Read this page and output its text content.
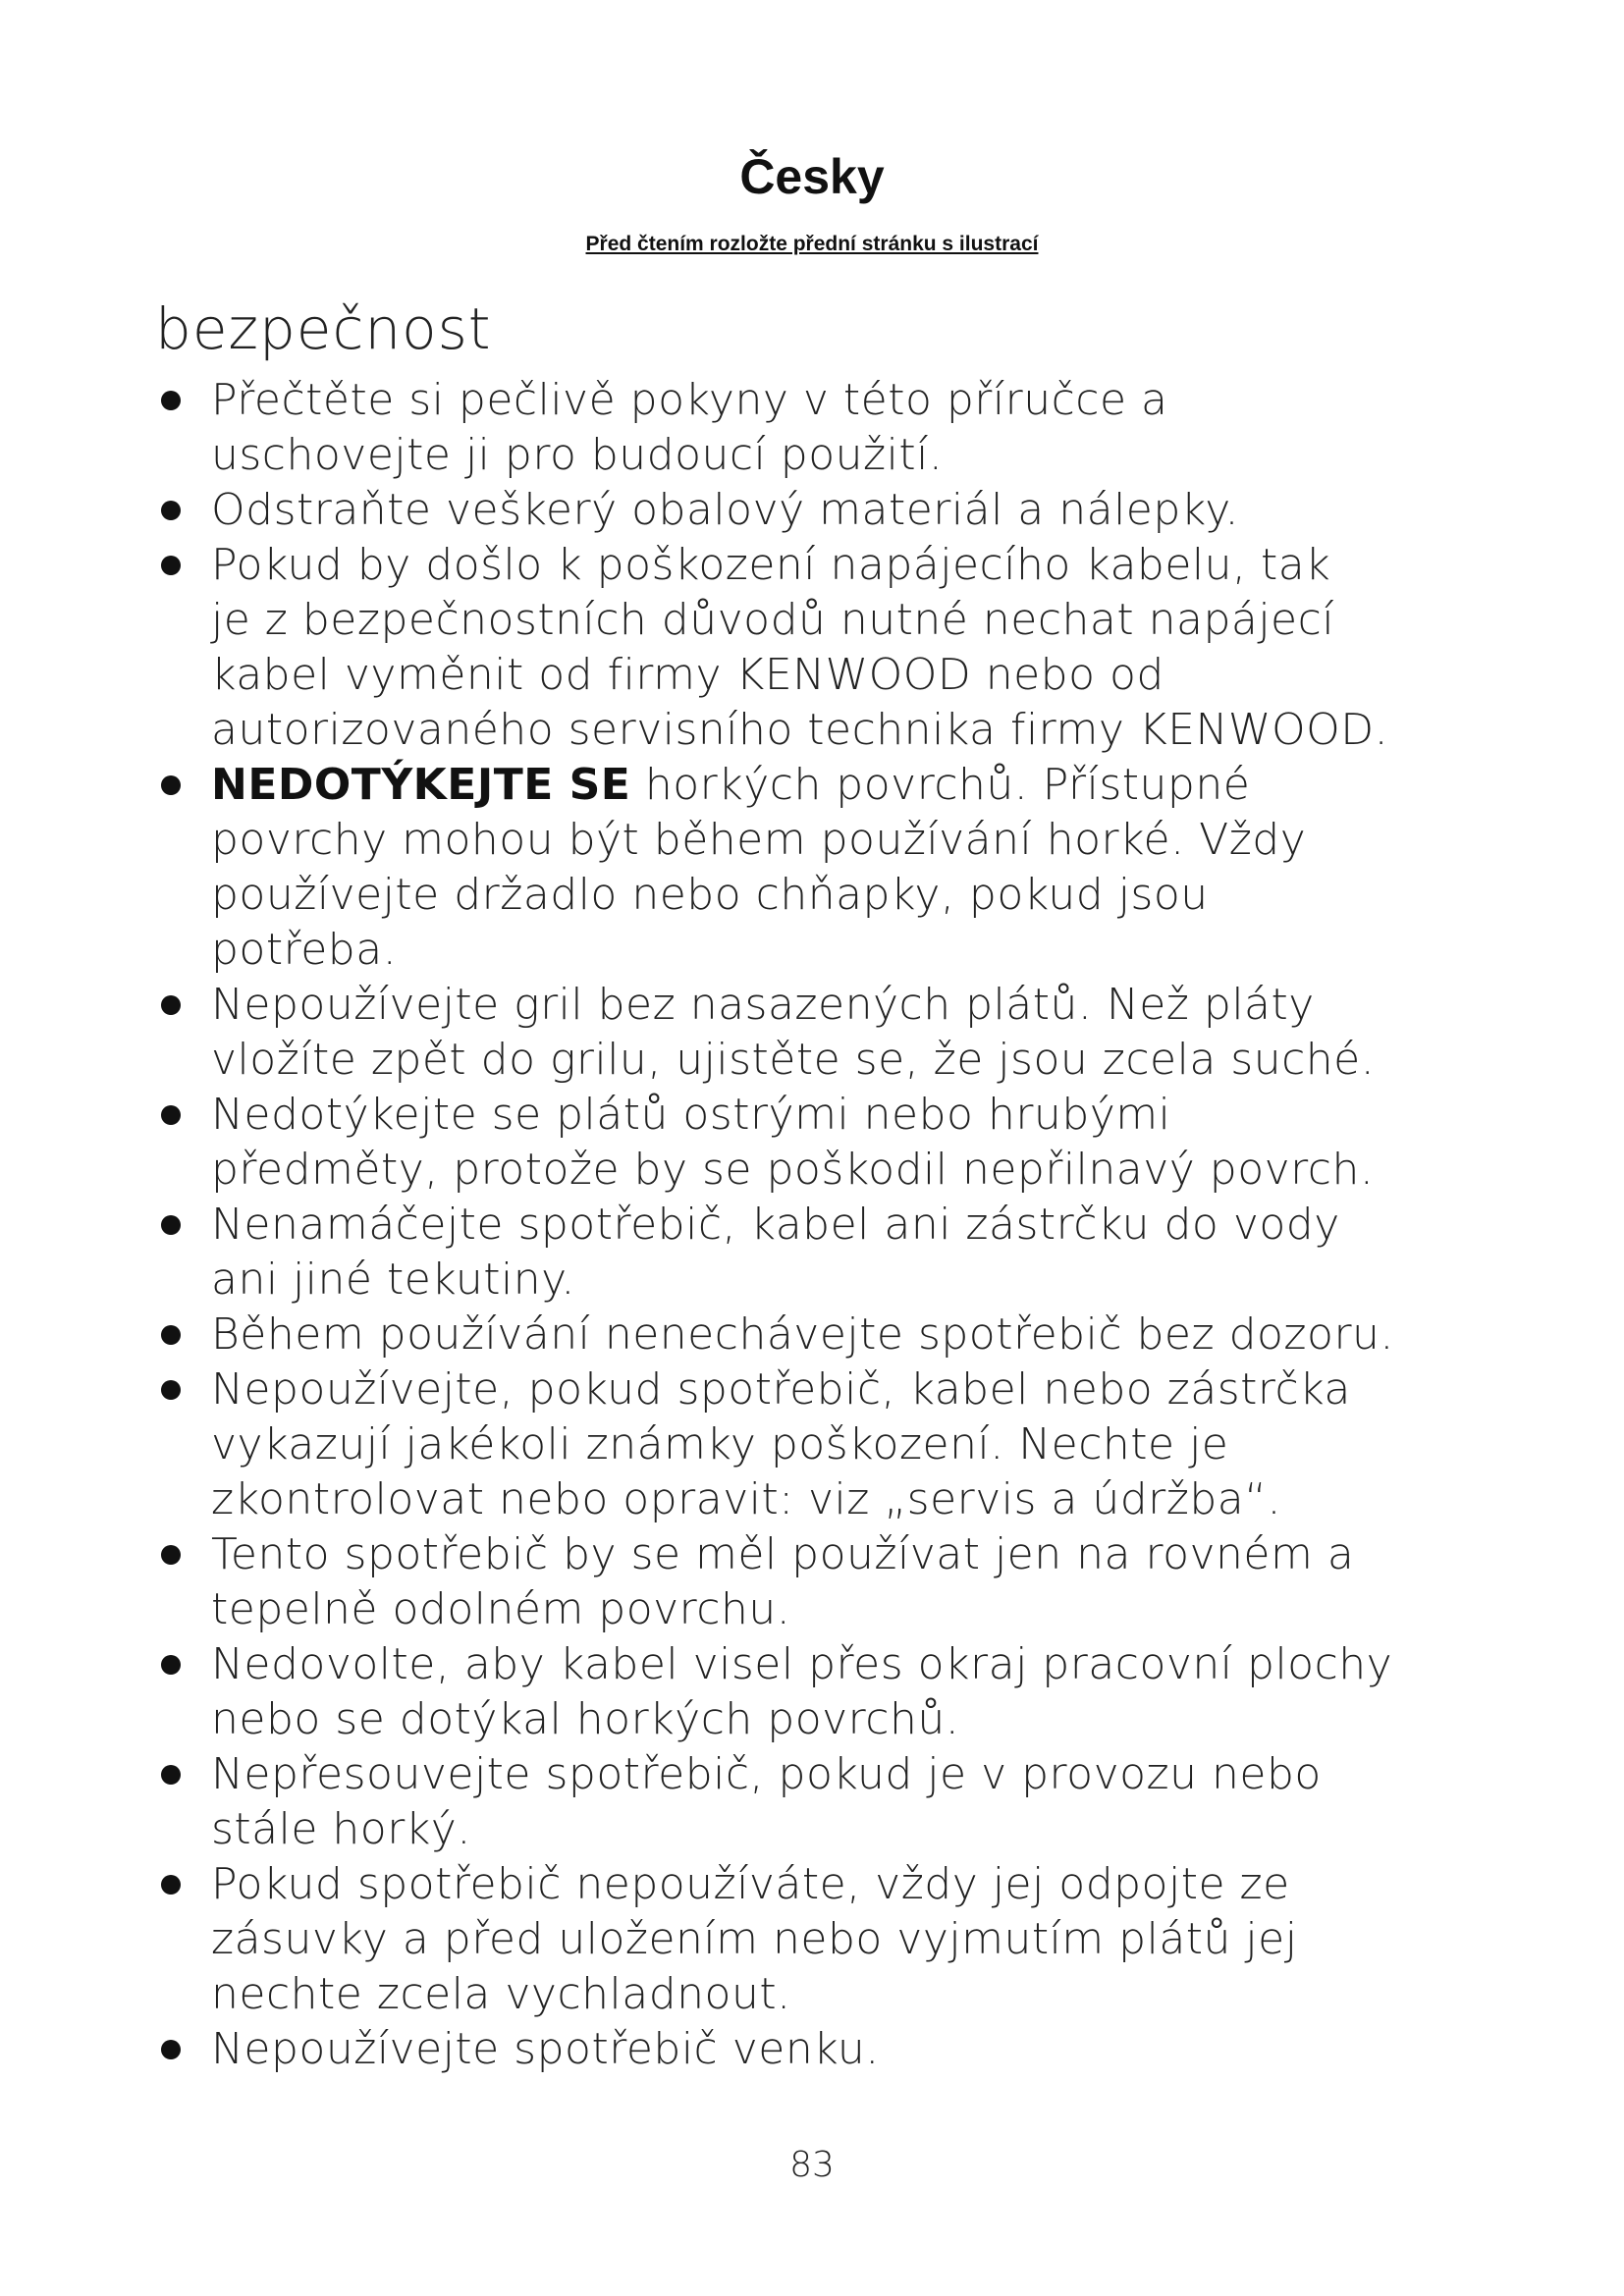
Česky
Před čtením rozložte přední stránku s ilustrací
bezpečnost
Přečtěte si pečlivě pokyny v této příručce a
uschovejte ji pro budoucí použití.
Odstraňte veškerý obalový materiál a nálepky.
Pokud by došlo k poškození napájecího kabelu, tak
je z bezpečnostních důvodů nutné nechat napájecí
kabel vyměnit od firmy KENWOOD nebo od
autorizovaného servisního technika firmy KENWOOD.
NEDOTÝKEJTE SE horkých povrchů. Přístupné
povrchy mohou být během používání horké. Vždy
používejte držadlo nebo chňapky, pokud jsou
potřeba.
Nepoužívejte gril bez nasazených plátů. Než pláty
vložíte zpět do grilu, ujistěte se, že jsou zcela suché.
Nedotýkejte se plátů ostrými nebo hrubými
předměty, protože by se poškodil nepřilnavý povrch.
Nenamáčejte spotřebič, kabel ani zástrčku do vody
ani jiné tekutiny.
Během používání nenechávejte spotřebič bez dozoru.
Nepoužívejte, pokud spotřebič, kabel nebo zástrčka
vykazují jakékoli známky poškození. Nechte je
zkontrolovat nebo opravit: viz „servis a údržba“.
Tento spotřebič by se měl používat jen na rovném a
tepelně odolném povrchu.
Nedovolte, aby kabel visel přes okraj pracovní plochy
nebo se dotýkal horkých povrchů.
Nepřesouvejte spotřebič, pokud je v provozu nebo
stále horký.
Pokud spotřebič nepoužíváte, vždy jej odpojte ze
zásuvky a před uložením nebo vyjmutím plátů jej
nechte zcela vychladnout.
Nepoužívejte spotřebič venku.
83
